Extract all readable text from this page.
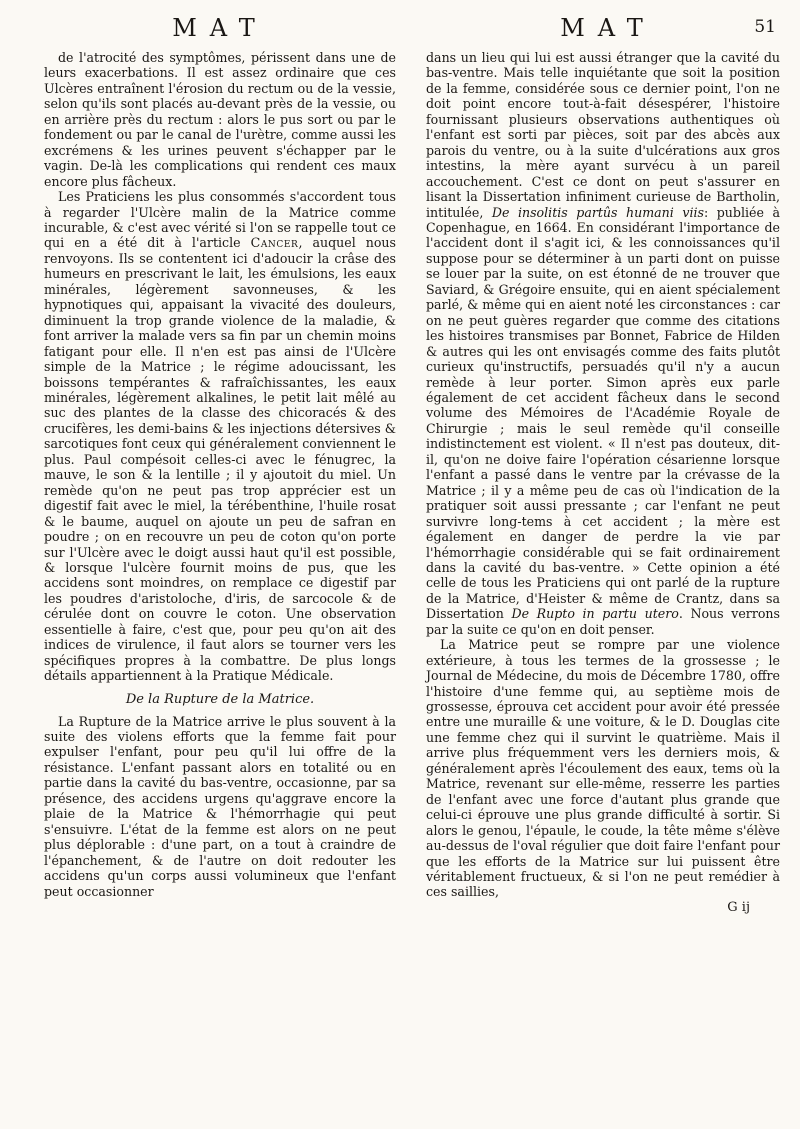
MAT	MAT	51

de l'atrocité des symptômes, périssent dans une de leurs exacerbations. Il est assez ordinaire que ces Ulcères entraînent l'érosion du rectum ou de la vessie, selon qu'ils sont placés au-devant près de la vessie, ou en arrière près du rectum : alors le pus sort ou par le fondement ou par le canal de l'urètre, comme aussi les excrémens & les urines peuvent s'échapper par le vagin. De-là les complications qui rendent ces maux encore plus fâcheux.

Les Praticiens les plus consommés s'accordent tous à regarder l'Ulcère malin de la Matrice comme incurable, & c'est avec vérité si l'on se rappelle tout ce qui en a été dit à l'article Cancer, auquel nous renvoyons. Ils se contentent ici d'adoucir la crâse des humeurs en prescrivant le lait, les émulsions, les eaux minérales, légèrement savonneuses, & les hypnotiques qui, appaisant la vivacité des douleurs, diminuent la trop grande violence de la maladie, & font arriver la malade vers sa fin par un chemin moins fatigant pour elle. Il n'en est pas ainsi de l'Ulcère simple de la Matrice ; le régime adoucissant, les boissons tempérantes & rafraîchissantes, les eaux minérales, légèrement alkalines, le petit lait mêlé au suc des plantes de la classe des chicoracés & des crucifères, les demi-bains & les injections détersives & sarcotiques font ceux qui généralement conviennent le plus. Paul compésoit celles-ci avec le fénugrec, la mauve, le son & la lentille ; il y ajoutoit du miel. Un remède qu'on ne peut pas trop apprécier est un digestif fait avec le miel, la térébenthine, l'huile rosat & le baume, auquel on ajoute un peu de safran en poudre ; on en recouvre un peu de coton qu'on porte sur l'Ulcère avec le doigt aussi haut qu'il est possible, & lorsque l'ulcère fournit moins de pus, que les accidens sont moindres, on remplace ce digestif par les poudres d'aristoloche, d'iris, de sarcocole & de cérulée dont on couvre le coton. Une observation essentielle à faire, c'est que, pour peu qu'on ait des indices de virulence, il faut alors se tourner vers les spécifiques propres à la combattre. De plus longs détails appartiennent à la Pratique Médicale.

De la Rupture de la Matrice.

La Rupture de la Matrice arrive le plus souvent à la suite des violens efforts que la femme fait pour expulser l'enfant, pour peu qu'il lui offre de la résistance. L'enfant passant alors en totalité ou en partie dans la cavité du bas-ventre, occasionne, par sa présence, des accidens urgens qu'aggrave encore la plaie de la Matrice & l'hémorrhagie qui peut s'ensuivre. L'état de la femme est alors on ne peut plus déplorable : d'une part, on a tout à craindre de l'épanchement, & de l'autre on doit redouter les accidens qu'un corps aussi volumineux que l'enfant peut occasionner

dans un lieu qui lui est aussi étranger que la cavité du bas-ventre. Mais telle inquiétante que soit la position de la femme, considérée sous ce dernier point, l'on ne doit point encore tout-à-fait désespérer, l'histoire fournissant plusieurs observations authentiques où l'enfant est sorti par pièces, soit par des abcès aux parois du ventre, ou à la suite d'ulcérations aux gros intestins, la mère ayant survécu à un pareil accouchement. C'est ce dont on peut s'assurer en lisant la Dissertation infiniment curieuse de Bartholin, intitulée, De insolitis partûs humani viis: publiée à Copenhague, en 1664. En considérant l'importance de l'accident dont il s'agit ici, & les connoissances qu'il suppose pour se déterminer à un parti dont on puisse se louer par la suite, on est étonné de ne trouver que Saviard, & Grégoire ensuite, qui en aient spécialement parlé, & même qui en aient noté les circonstances : car on ne peut guères regarder que comme des citations les histoires transmises par Bonnet, Fabrice de Hilden & autres qui les ont envisagés comme des faits plutôt curieux qu'instructifs, persuadés qu'il n'y a aucun remède à leur porter. Simon après eux parle également de cet accident fâcheux dans le second volume des Mémoires de l'Académie Royale de Chirurgie ; mais le seul remède qu'il conseille indistinctement est violent. « Il n'est pas douteux, dit-il, qu'on ne doive faire l'opération césarienne lorsque l'enfant a passé dans le ventre par la crévasse de la Matrice ; il y a même peu de cas où l'indication de la pratiquer soit aussi pressante ; car l'enfant ne peut survivre long-tems à cet accident ; la mère est également en danger de perdre la vie par l'hémorrhagie considérable qui se fait ordinairement dans la cavité du bas-ventre. » Cette opinion a été celle de tous les Praticiens qui ont parlé de la rupture de la Matrice, d'Heister & même de Crantz, dans sa Dissertation De Rupto in partu utero. Nous verrons par la suite ce qu'on en doit penser.

La Matrice peut se rompre par une violence extérieure, à tous les termes de la grossesse ; le Journal de Médecine, du mois de Décembre 1780, offre l'histoire d'une femme qui, au septième mois de grossesse, éprouva cet accident pour avoir été pressée entre une muraille & une voiture, & le D. Douglas cite une femme chez qui il survint le quatrième. Mais il arrive plus fréquemment vers les derniers mois, & généralement après l'écoulement des eaux, tems où la Matrice, revenant sur elle-même, resserre les parties de l'enfant avec une force d'autant plus grande que celui-ci éprouve une plus grande difficulté à sortir. Si alors le genou, l'épaule, le coude, la tête même s'élève au-dessus de l'oval régulier que doit faire l'enfant pour que les efforts de la Matrice sur lui puissent être véritablement fructueux, & si l'on ne peut remédier à ces saillies,

G ij
